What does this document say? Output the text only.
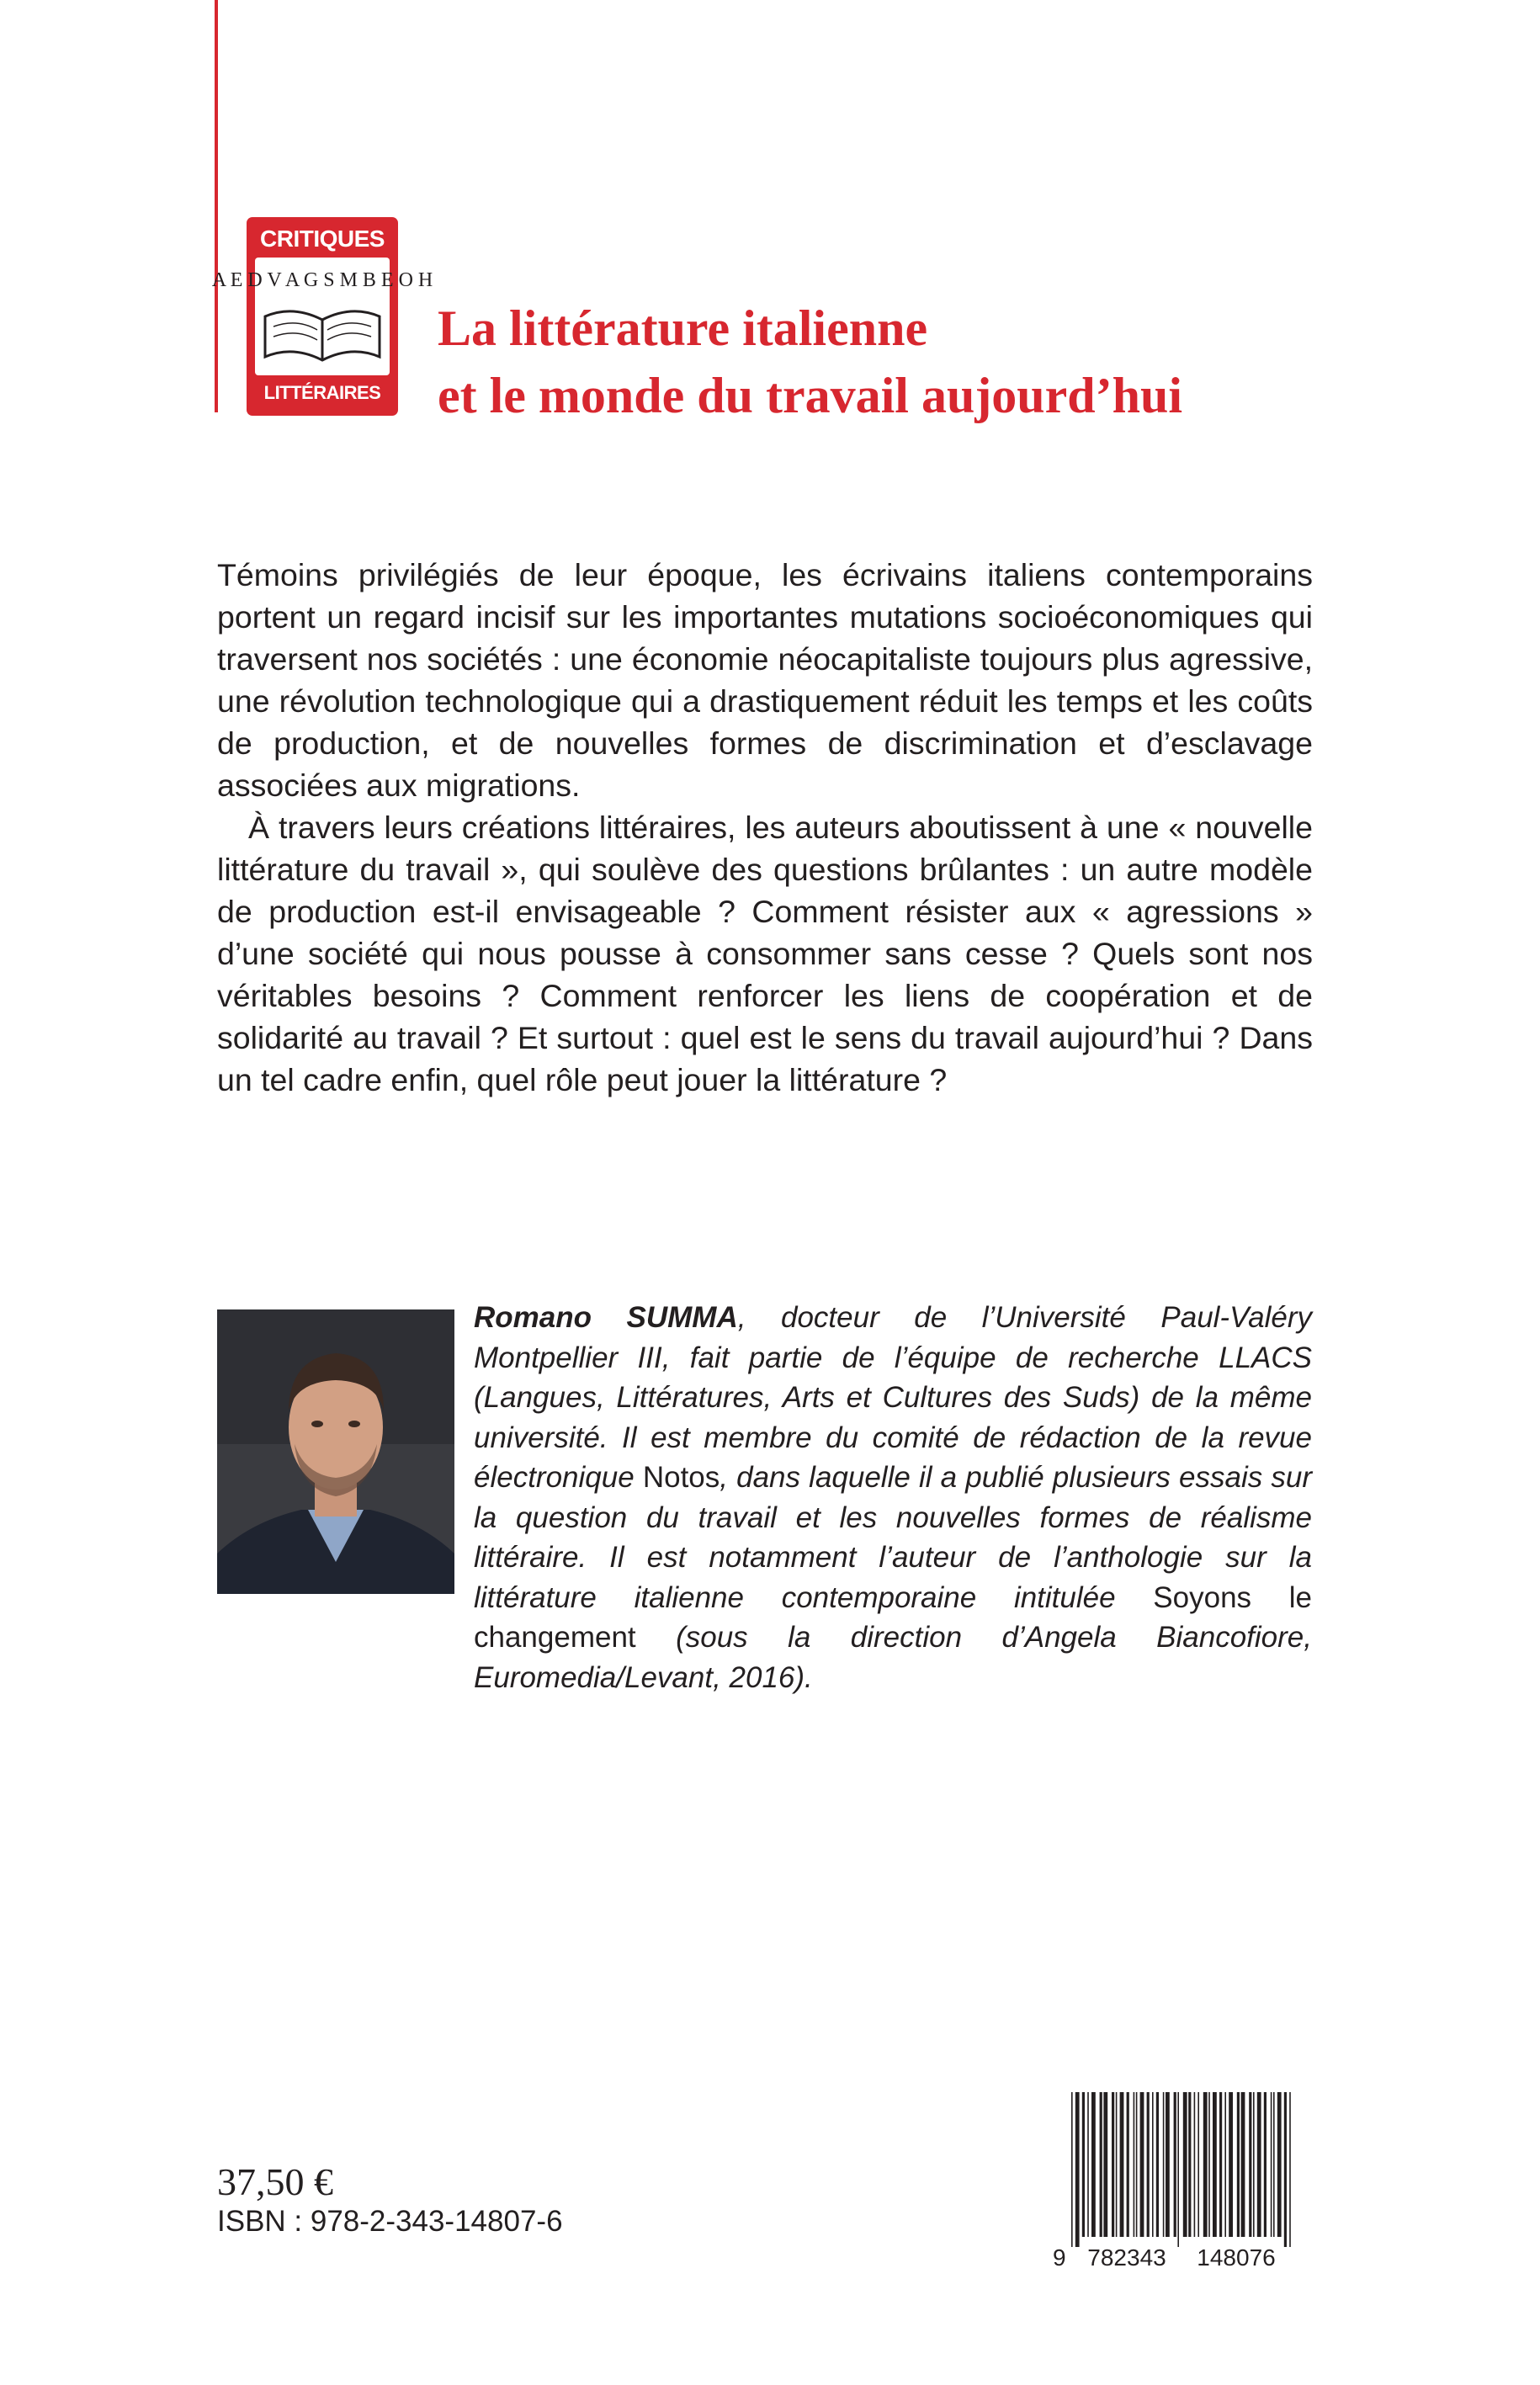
CRITIQUES
A E D V A G S M B E O H
LITTÉRAIRES
La littérature italienne
et le monde du travail aujourd’hui

Témoins privilégiés de leur époque, les écrivains italiens contemporains portent un regard incisif sur les importantes mutations socioéconomiques qui traversent nos sociétés : une économie néocapitaliste toujours plus agressive, une révolution technologique qui a drastiquement réduit les temps et les coûts de production, et de nouvelles formes de discrimination et d’esclavage associées aux migrations.

À travers leurs créations littéraires, les auteurs aboutissent à une « nouvelle littérature du travail », qui soulève des questions brûlantes : un autre modèle de production est-il envisageable ? Comment résister aux « agressions » d’une société qui nous pousse à consommer sans cesse ? Quels sont nos véritables besoins ? Comment renforcer les liens de coopération et de solidarité au travail ? Et surtout : quel est le sens du travail aujourd’hui ? Dans un tel cadre enfin, quel rôle peut jouer la littérature ?

Romano SUMMA, docteur de l’Université Paul-Valéry Montpellier III, fait partie de l’équipe de recherche LLACS (Langues, Littératures, Arts et Cultures des Suds) de la même université. Il est membre du comité de rédaction de la revue électronique Notos, dans laquelle il a publié plusieurs essais sur la question du travail et les nouvelles formes de réalisme littéraire. Il est notamment l’auteur de l’anthologie sur la littérature italienne contemporaine intitulée Soyons le changement (sous la direction d’Angela Biancofiore, Euromedia/Levant, 2016).
37,50 €
ISBN : 978-2-343-14807-6
9 782343 148076
